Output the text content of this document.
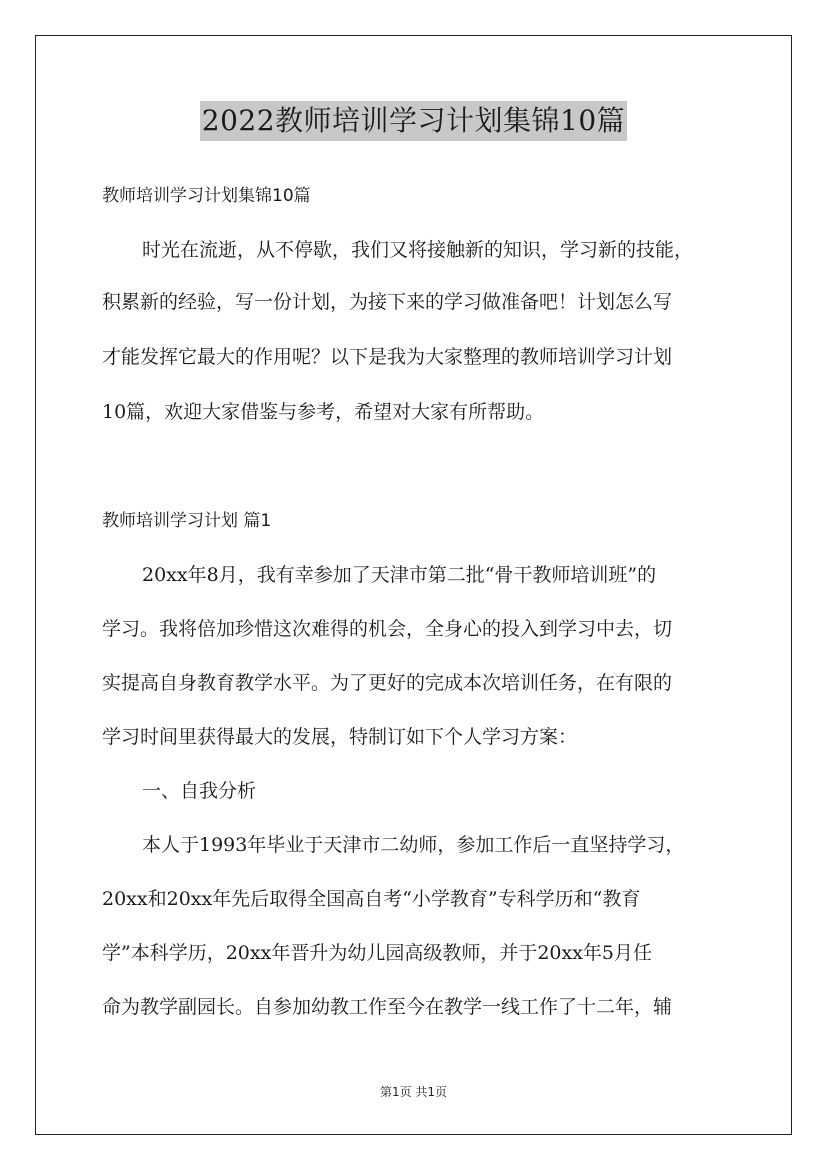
2022教师培训学习计划集锦10篇

教师培训学习计划集锦10篇

时光在流逝，从不停歇，我们又将接触新的知识，学习新的技能，

积累新的经验，写一份计划，为接下来的学习做准备吧！计划怎么写

才能发挥它最大的作用呢？以下是我为大家整理的教师培训学习计划

10篇，欢迎大家借鉴与参考，希望对大家有所帮助。

教师培训学习计划 篇1

20xx年8月，我有幸参加了天津市第二批“骨干教师培训班”的

学习。我将倍加珍惜这次难得的机会，全身心的投入到学习中去，切

实提高自身教育教学水平。为了更好的完成本次培训任务，在有限的

学习时间里获得最大的发展，特制订如下个人学习方案：

一、自我分析

本人于1993年毕业于天津市二幼师，参加工作后一直坚持学习，

20xx和20xx年先后取得全国高自考“小学教育”专科学历和“教育

学”本科学历，20xx年晋升为幼儿园高级教师，并于20xx年5月任

命为教学副园长。自参加幼教工作至今在教学一线工作了十二年，辅

第1页 共1页
